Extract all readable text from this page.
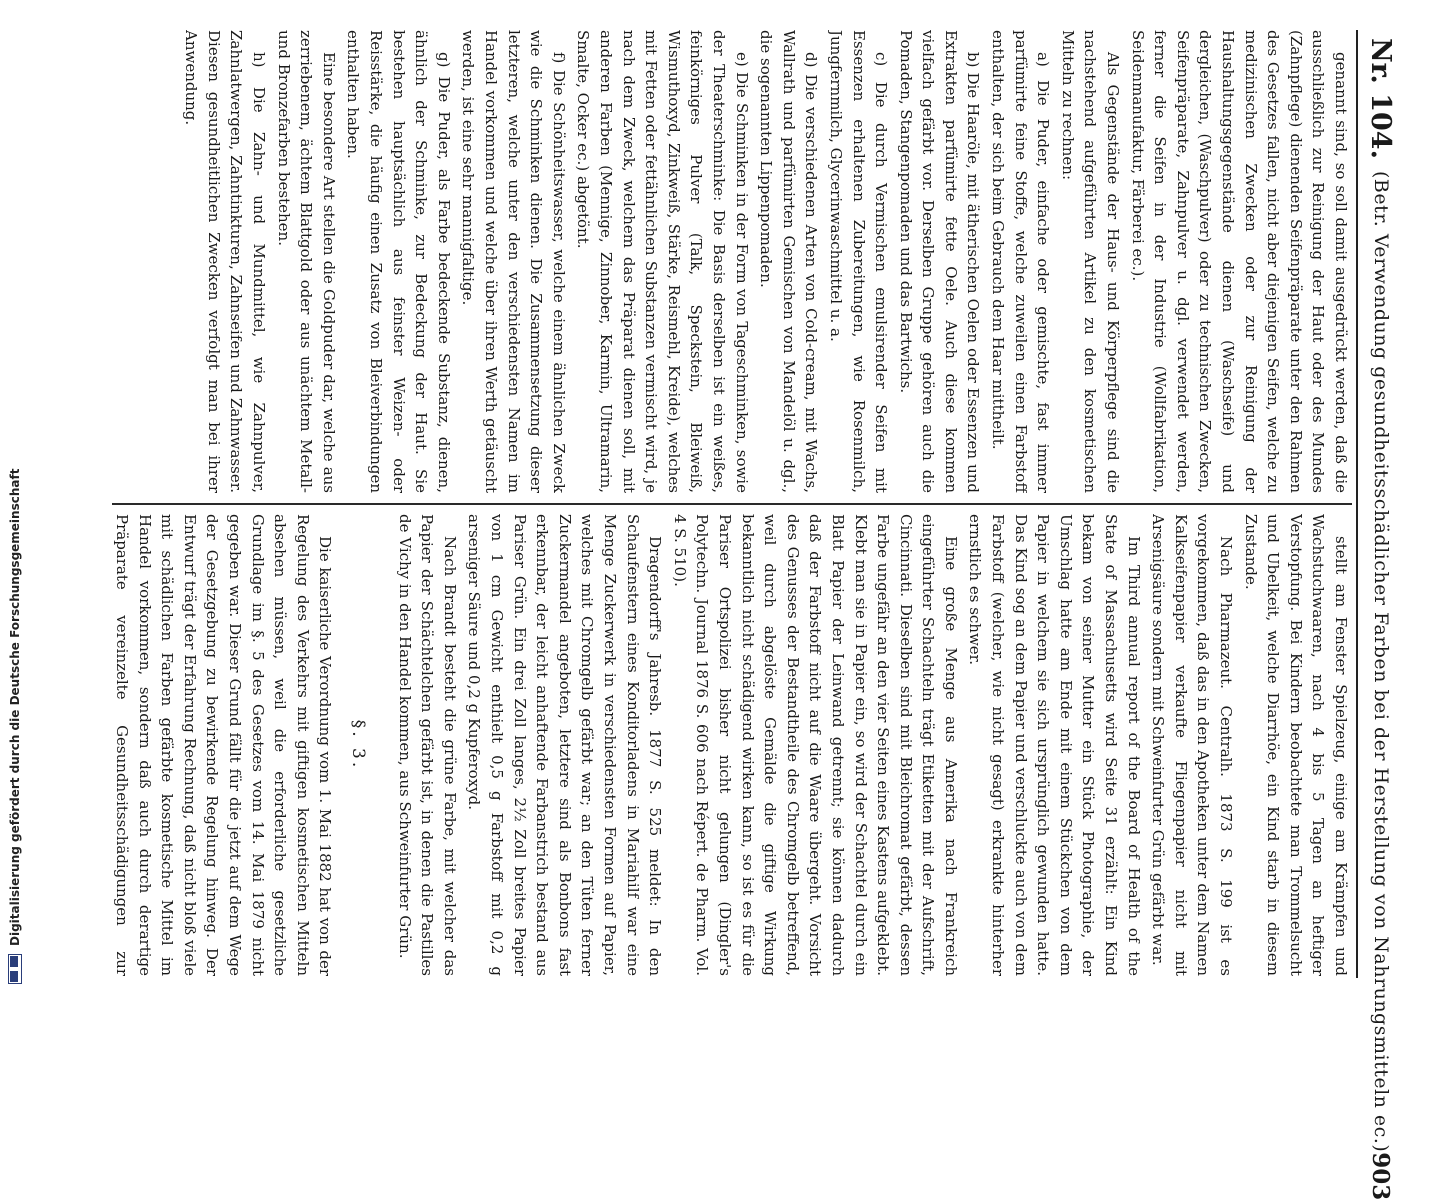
Nr. 104.
(Betr. Verwendung gesundheitsschädlicher Farben bei der Herstellung von Nahrungsmitteln ec.)
903

genannt sind, so soll damit ausgedrückt werden, daß die ausschließlich zur Reinigung der Haut oder des Mundes (Zahnpflege) dienenden Seifenpräparate unter den Rahmen des Gesetzes fallen, nicht aber diejenigen Seifen, welche zu medizinischen Zwecken oder zur Reinigung der Haushaltungsgegenstände dienen (Waschseife) und dergleichen, (Waschpulver) oder zu technischen Zwecken, Seifenpräparate, Zahnpulver u. dgl. verwendet werden, ferner die Seifen in der Industrie (Wollfabrikation, Seidenmanufaktur, Färberei ec.).

Als Gegenstände der Haus- und Körperpflege sind die nachstehend aufgeführten Artikel zu den kosmetischen Mitteln zu rechnen:

a) Die Puder, einfache oder gemischte, fast immer parfümirte feine Stoffe, welche zuweilen einen Farbstoff enthalten, der sich beim Gebrauch dem Haar mittheilt.

b) Die Haaröle, mit ätherischen Oelen oder Essenzen und Extrakten parfümirte fette Oele. Auch diese kommen vielfach gefärbt vor. Derselben Gruppe gehören auch die Pomaden, Stangenpomaden und das Bartwichs.

c) Die durch Vermischen emulsirender Seifen mit Essenzen erhaltenen Zubereitungen, wie Rosenmilch, Jungfernmilch, Glycerinwaschmittel u. a.

d) Die verschiedenen Arten von Cold-cream, mit Wachs, Wallrath und parfümirten Gemischen von Mandelöl u. dgl., die sogenannten Lippenpomaden.

e) Die Schminken in der Form von Tageschminken, sowie der Theaterschminke: Die Basis derselben ist ein weißes, feinkörniges Pulver (Talk, Speckstein, Bleiweiß, Wismuthoxyd, Zinkweiß, Stärke, Reismehl, Kreide), welches mit Fetten oder fettähnlichen Substanzen vermischt wird, je nach dem Zweck, welchem das Präparat dienen soll, mit anderen Farben (Mennige, Zinnober, Karmin, Ultramarin, Smalte, Ocker ec.) abgetönt.

f) Die Schönheitswasser, welche einem ähnlichen Zweck wie die Schminken dienen. Die Zusammensetzung dieser letzteren, welche unter den verschiedensten Namen im Handel vorkommen und welche über ihren Werth getäuscht werden, ist eine sehr mannigfaltige.

g) Die Puder, als Farbe bedeckende Substanz, dienen, ähnlich der Schminke, zur Bedeckung der Haut. Sie bestehen hauptsächlich aus feinster Weizen- oder Reisstärke, die häufig einen Zusatz von Bleiverbindungen enthalten haben.

Eine besondere Art stellen die Goldpuder dar, welche aus zerriebenem, ächtem Blattgold oder aus unächtem Metall- und Bronzefarben bestehen.

h) Die Zahn- und Mundmittel, wie Zahnpulver, Zahnlatwergen, Zahntinkturen, Zahnseifen und Zahnwasser. Diesen gesundheitlichen Zwecken verfolgt man bei ihrer Anwendung.

stellt am Fenster Spielzeug, einige am Krämpfen und Wachstuchwaaren, nach 4 bis 5 Tagen an heftiger Verstopfung. Bei Kindern beobachtete man Trommelsucht und Ubelkeit, welche Diarrhöe, ein Kind starb in diesem Zustande.

Nach Pharmazeut. Centralh. 1873 S. 199 ist es vorgekommen, daß das in den Apotheken unter dem Namen Kalkseifenpapier verkaufte Fliegenpapier nicht mit Arsenigsäure sondern mit Schweinfurter Grün gefärbt war.

Im Third annual report of the Board of Health of the State of Massachusetts wird Seite 31 erzählt: Ein Kind bekam von seiner Mutter ein Stück Photographie, der Umschlag hatte am Ende mit einem Stückchen von dem Papier in welchem sie sich ursprünglich gewunden hatte. Das Kind sog an dem Papier und verschluckte auch von dem Farbstoff (welcher, wie nicht gesagt) erkrankte hinterher ernstlich es schwer.

Eine große Menge aus Amerika nach Frankreich eingeführter Schachteln trägt Etiketten mit der Aufschrift, Cincinnati. Dieselben sind mit Bleichromat gefärbt, dessen Farbe ungefähr an den vier Seiten eines Kastens aufgeklebt. Klebt man sie in Papier ein, so wird der Schachtel durch ein Blatt Papier der Leinwand getrennt; sie können dadurch daß der Farbstoff nicht auf die Waare übergeht. Vorsicht des Genusses der Bestandtheile des Chromgelb betreffend, weil durch abgelöste Gemälde die giftige Wirkung bekanntlich nicht schädigend wirken kann, so ist es für die Pariser Ortspolizei bisher nicht gelungen (Dingler's Polytechn. Journal 1876 S. 606 nach Répert. de Pharm. Vol. 4 S. 510).

Dragendorff's Jahresb. 1877 S. 525 meldet: In den Schaufenstern eines Konditorladens in Mariahilf war eine Menge Zuckerwerk in verschiedensten Formen auf Papier, welches mit Chromgelb gefärbt war; an den Tüten ferner Zuckermandel angeboten, letztere sind als Bonbons fast erkennbar, der leicht anhaftende Farbanstrich bestand aus Pariser Grün. Ein drei Zoll langes, 2½ Zoll breites Papier von 1 cm Gewicht enthielt 0,5 g Farbstoff mit 0,2 g arseniger Säure und 0,2 g Kupferoxyd.

Nach Brandt besteht die grüne Farbe, mit welcher das Papier der Schächtelchen gefärbt ist, in denen die Pastilles de Vichy in den Handel kommen, aus Schweinfurter Grün.

§. 3.

Die kaiserliche Verordnung vom 1. Mai 1882 hat von der Regelung des Verkehrs mit giftigen kosmetischen Mitteln absehen müssen, weil die erforderliche gesetzliche Grundlage im §. 5 des Gesetzes vom 14. Mai 1879 nicht gegeben war. Dieser Grund fällt für die jetzt auf dem Wege der Gesetzgebung zu bewirkende Regelung hinweg. Der Entwurf trägt der Erfahrung Rechnung, daß nicht bloß viele mit schädlichen Farben gefärbte kosmetische Mittel im Handel vorkommen, sondern daß auch durch derartige Präparate vereinzelte Gesundheitsschädigungen zur

Digitalisierung gefördert durch die Deutsche Forschungsgemeinschaft
